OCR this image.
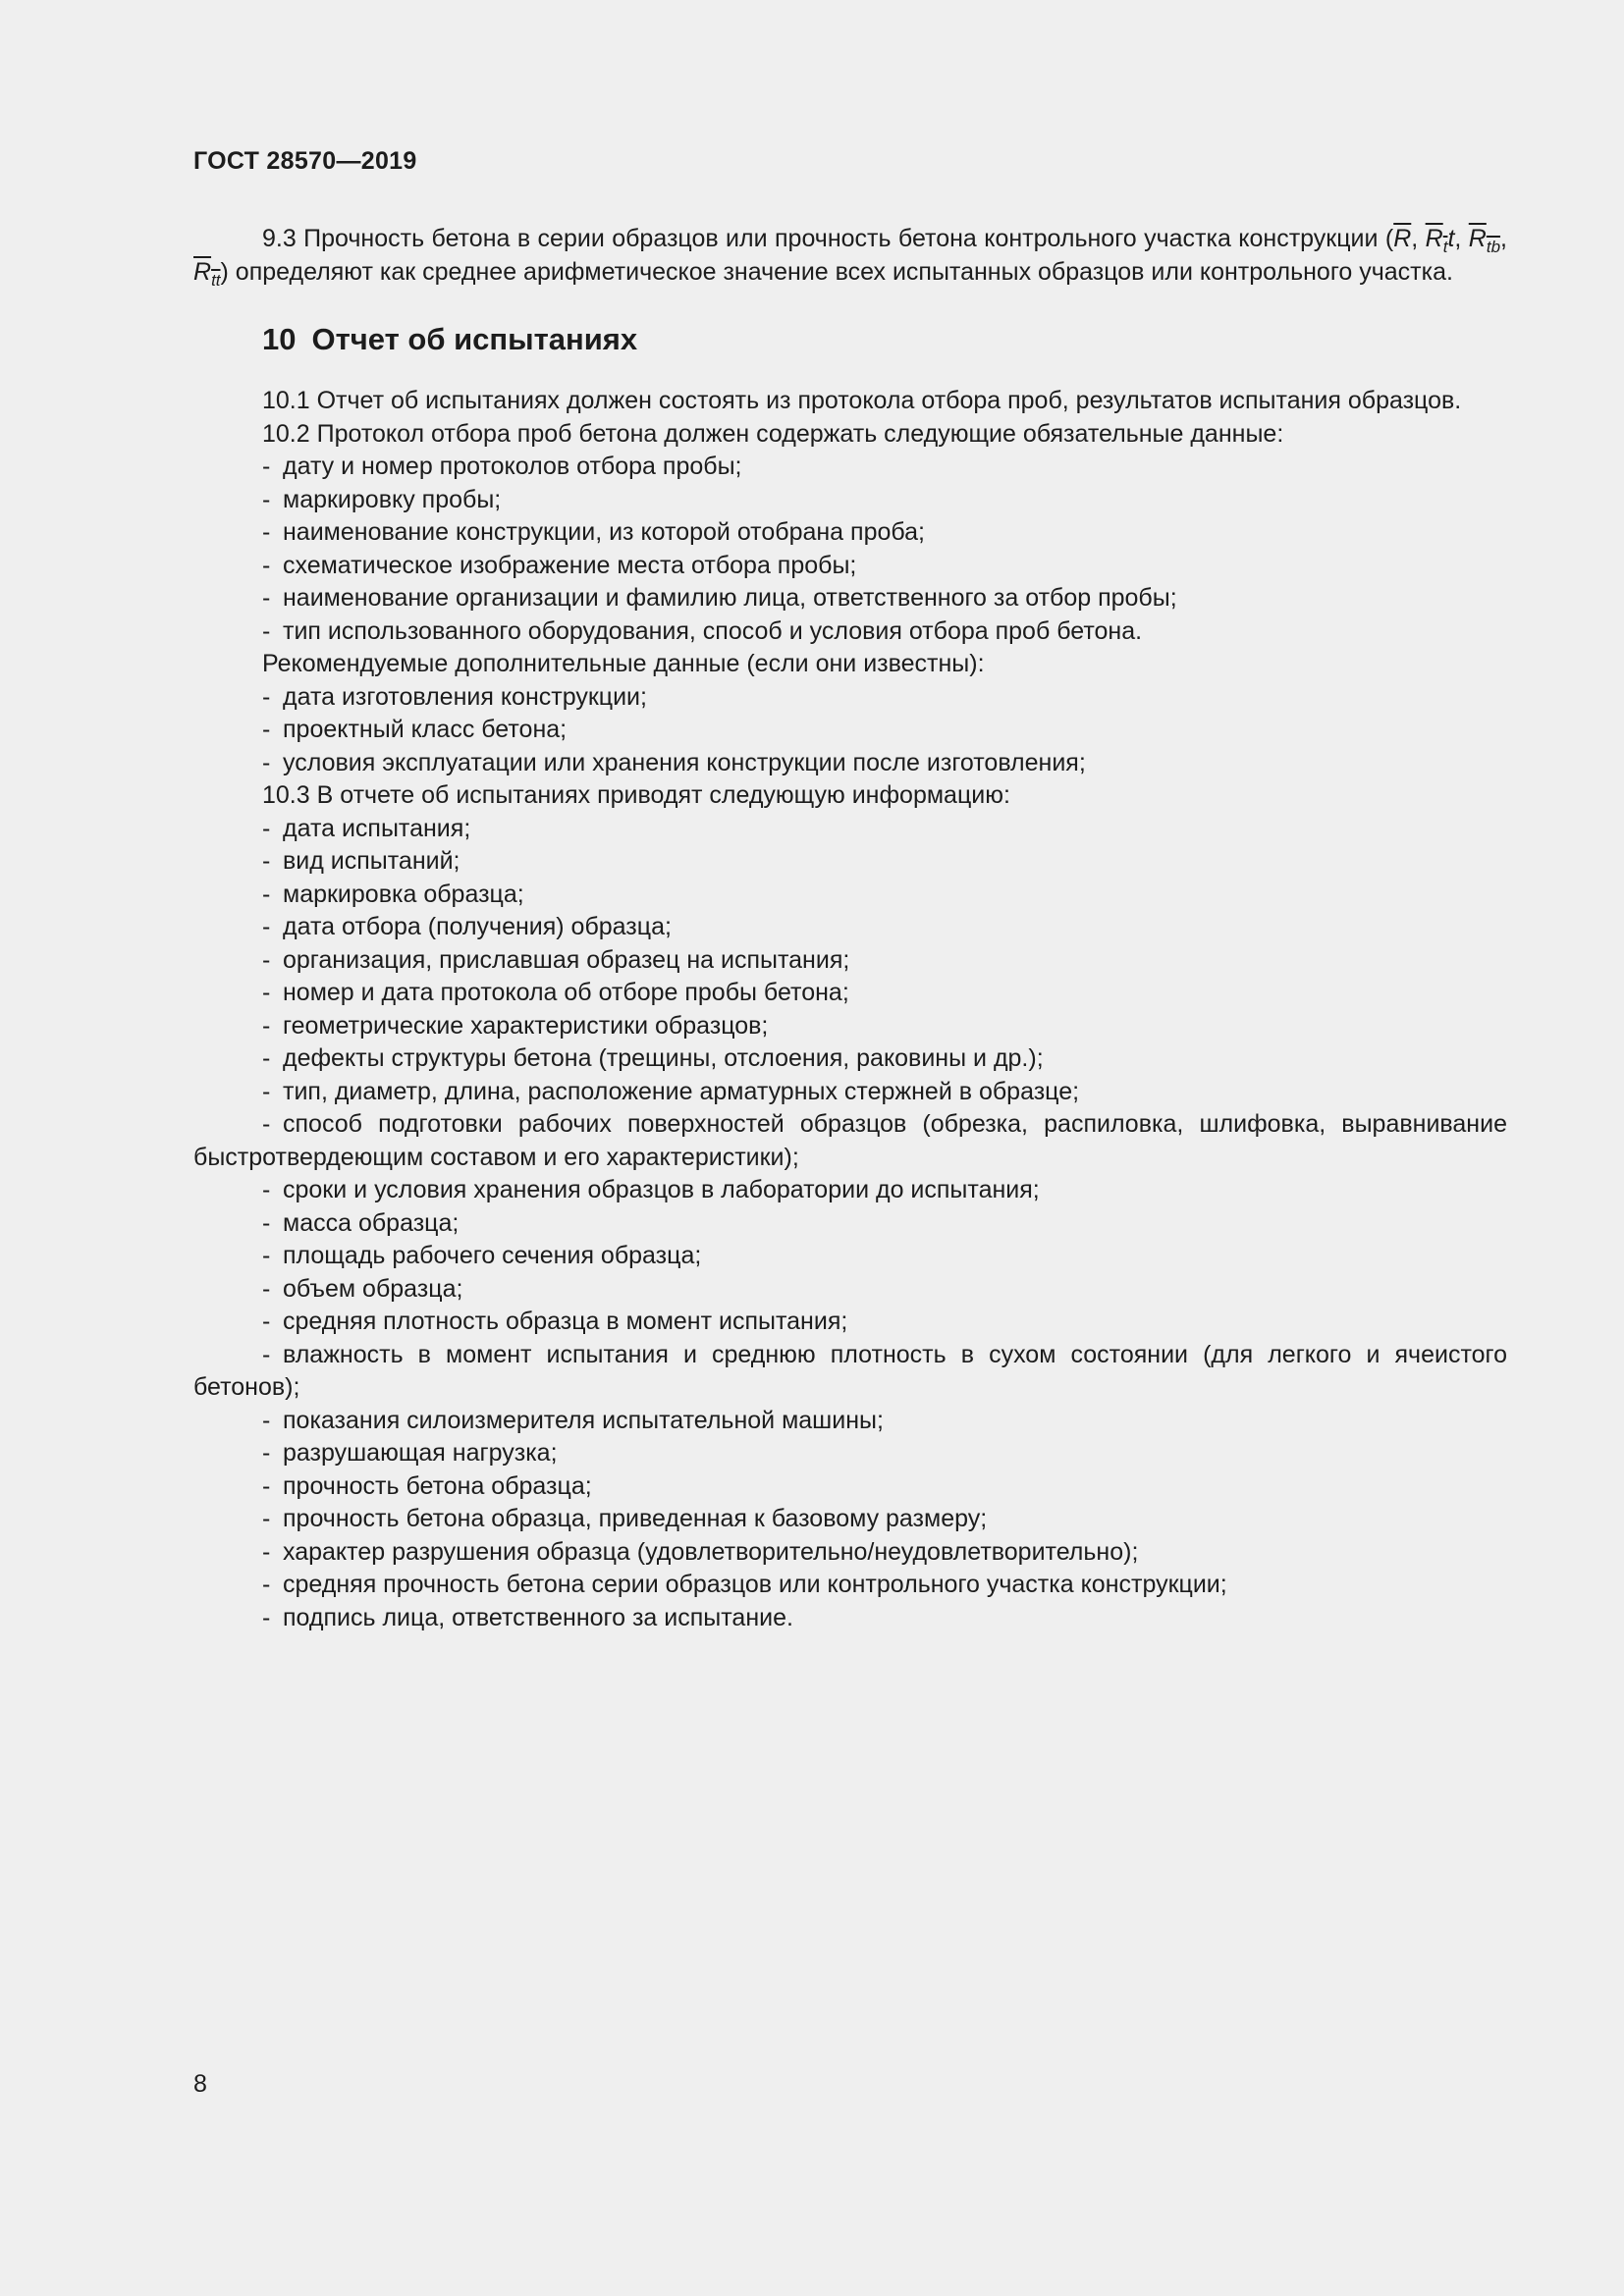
ГОСТ 28570—2019

9.3 Прочность бетона в серии образцов или прочность бетона контрольного участка конструкции ($\overline{R}$, $R_tt$, $R_{tb}$, $R_{tt}$) определяют как среднее арифметическое значение всех испытанных образцов или контрольного участка.

10 Отчет об испытаниях

10.1 Отчет об испытаниях должен состоять из протокола отбора проб, результатов испытания образцов.

10.2 Протокол отбора проб бетона должен содержать следующие обязательные данные:

- дату и номер протоколов отбора пробы;

- маркировку пробы;

- наименование конструкции, из которой отобрана проба;

- схематическое изображение места отбора пробы;

- наименование организации и фамилию лица, ответственного за отбор пробы;

- тип использованного оборудования, способ и условия отбора проб бетона.

Рекомендуемые дополнительные данные (если они известны):

- дата изготовления конструкции;

- проектный класс бетона;

- условия эксплуатации или хранения конструкции после изготовления;

10.3 В отчете об испытаниях приводят следующую информацию:

- дата испытания;

- вид испытаний;

- маркировка образца;

- дата отбора (получения) образца;

- организация, приславшая образец на испытания;

- номер и дата протокола об отборе пробы бетона;

- геометрические характеристики образцов;

- дефекты структуры бетона (трещины, отслоения, раковины и др.);

- тип, диаметр, длина, расположение арматурных стержней в образце;

- способ подготовки рабочих поверхностей образцов (обрезка, распиловка, шлифовка, выравнивание быстротвердеющим составом и его характеристики);

- сроки и условия хранения образцов в лаборатории до испытания;

- масса образца;

- площадь рабочего сечения образца;

- объем образца;

- средняя плотность образца в момент испытания;

- влажность в момент испытания и среднюю плотность в сухом состоянии (для легкого и ячеистого бетонов);

- показания силоизмерителя испытательной машины;

- разрушающая нагрузка;

- прочность бетона образца;

- прочность бетона образца, приведенная к базовому размеру;

- характер разрушения образца (удовлетворительно/неудовлетворительно);

- средняя прочность бетона серии образцов или контрольного участка конструкции;

- подпись лица, ответственного за испытание.

8
